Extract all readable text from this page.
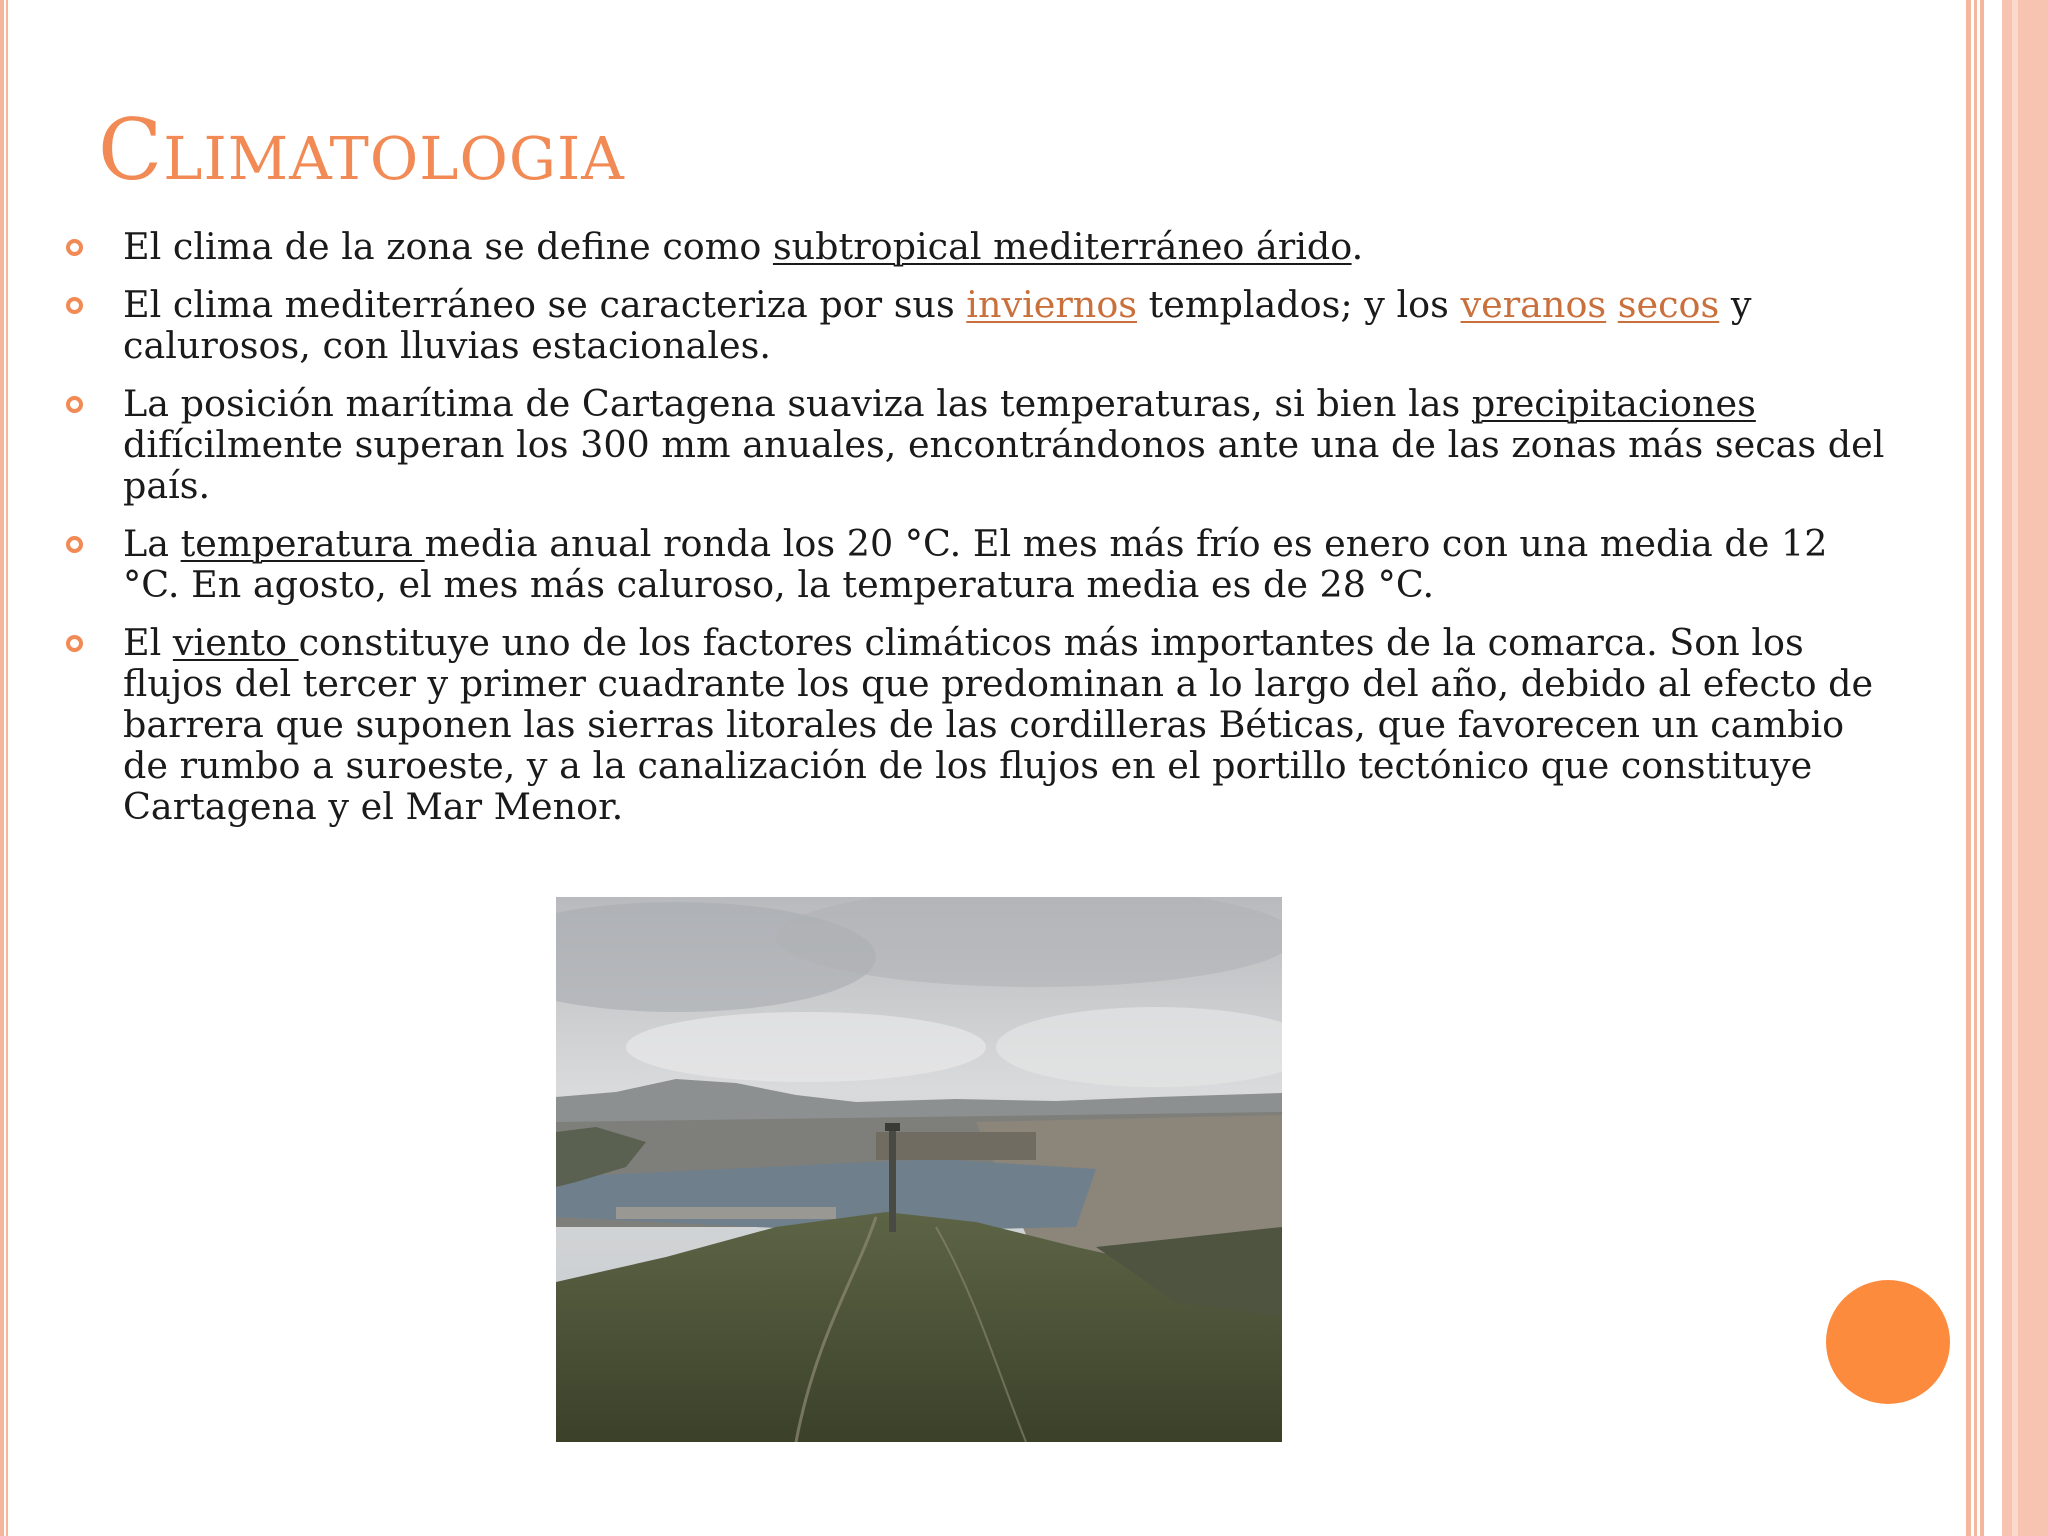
Climatologia
El clima de la zona se define como subtropical mediterráneo árido.
El clima mediterráneo se caracteriza por sus inviernos templados; y los veranos secos y calurosos, con lluvias estacionales.
La posición marítima de Cartagena suaviza las temperaturas, si bien las precipitaciones difícilmente superan los 300 mm anuales, encontrándonos ante una de las zonas más secas del país.
La temperatura media anual ronda los 20 °C. El mes más frío es enero con una media de 12 °C. En agosto, el mes más caluroso, la temperatura media es de 28 °C.
El viento constituye uno de los factores climáticos más importantes de la comarca. Son los flujos del tercer y primer cuadrante los que predominan a lo largo del año, debido al efecto de barrera que suponen las sierras litorales de las cordilleras Béticas, que favorecen un cambio de rumbo a suroeste, y a la canalización de los flujos en el portillo tectónico que constituye Cartagena y el Mar Menor.
